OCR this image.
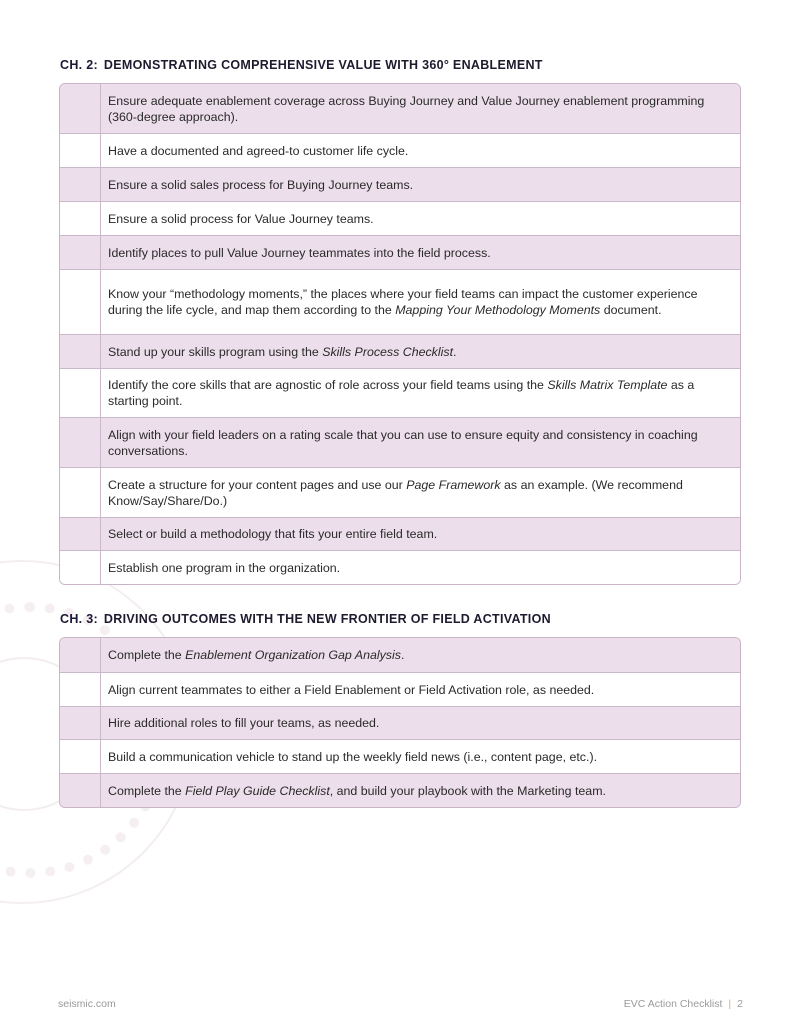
CH. 2: DEMONSTRATING COMPREHENSIVE VALUE WITH 360° ENABLEMENT
Ensure adequate enablement coverage across Buying Journey and Value Journey enablement programming (360-degree approach).
Have a documented and agreed-to customer life cycle.
Ensure a solid sales process for Buying Journey teams.
Ensure a solid process for Value Journey teams.
Identify places to pull Value Journey teammates into the field process.
Know your “methodology moments,” the places where your field teams can impact the customer experience during the life cycle, and map them according to the Mapping Your Methodology Moments document.
Stand up your skills program using the Skills Process Checklist.
Identify the core skills that are agnostic of role across your field teams using the Skills Matrix Template as a starting point.
Align with your field leaders on a rating scale that you can use to ensure equity and consistency in coaching conversations.
Create a structure for your content pages and use our Page Framework as an example. (We recommend Know/Say/Share/Do.)
Select or build a methodology that fits your entire field team.
Establish one program in the organization.
CH. 3: DRIVING OUTCOMES WITH THE NEW FRONTIER OF FIELD ACTIVATION
Complete the Enablement Organization Gap Analysis.
Align current teammates to either a Field Enablement or Field Activation role, as needed.
Hire additional roles to fill your teams, as needed.
Build a communication vehicle to stand up the weekly field news (i.e., content page, etc.).
Complete the Field Play Guide Checklist, and build your playbook with the Marketing team.
seismic.com	EVC Action Checklist | 2
